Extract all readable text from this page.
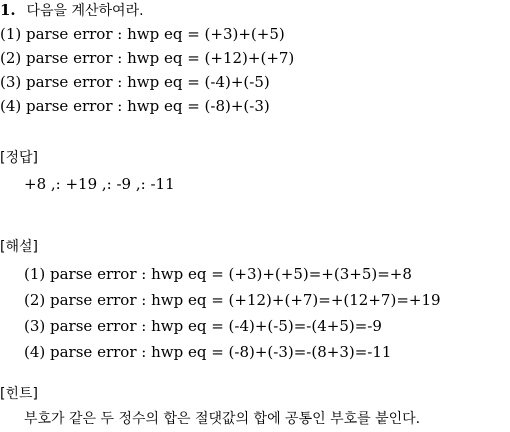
1. 다음을 계산하여라.
(1) parse error : hwp eq = (+3)+(+5)
(2) parse error : hwp eq = (+12)+(+7)
(3) parse error : hwp eq = (-4)+(-5)
(4) parse error : hwp eq = (-8)+(-3)
[정답]
+8 ,: +19 ,: -9 ,: -11
[해설]
(1) parse error : hwp eq = (+3)+(+5)=+(3+5)=+8
(2) parse error : hwp eq = (+12)+(+7)=+(12+7)=+19
(3) parse error : hwp eq = (-4)+(-5)=-(4+5)=-9
(4) parse error : hwp eq = (-8)+(-3)=-(8+3)=-11
[힌트]
부호가 같은 두 정수의 합은 절댓값의 합에 공통인 부호를 붙인다.
